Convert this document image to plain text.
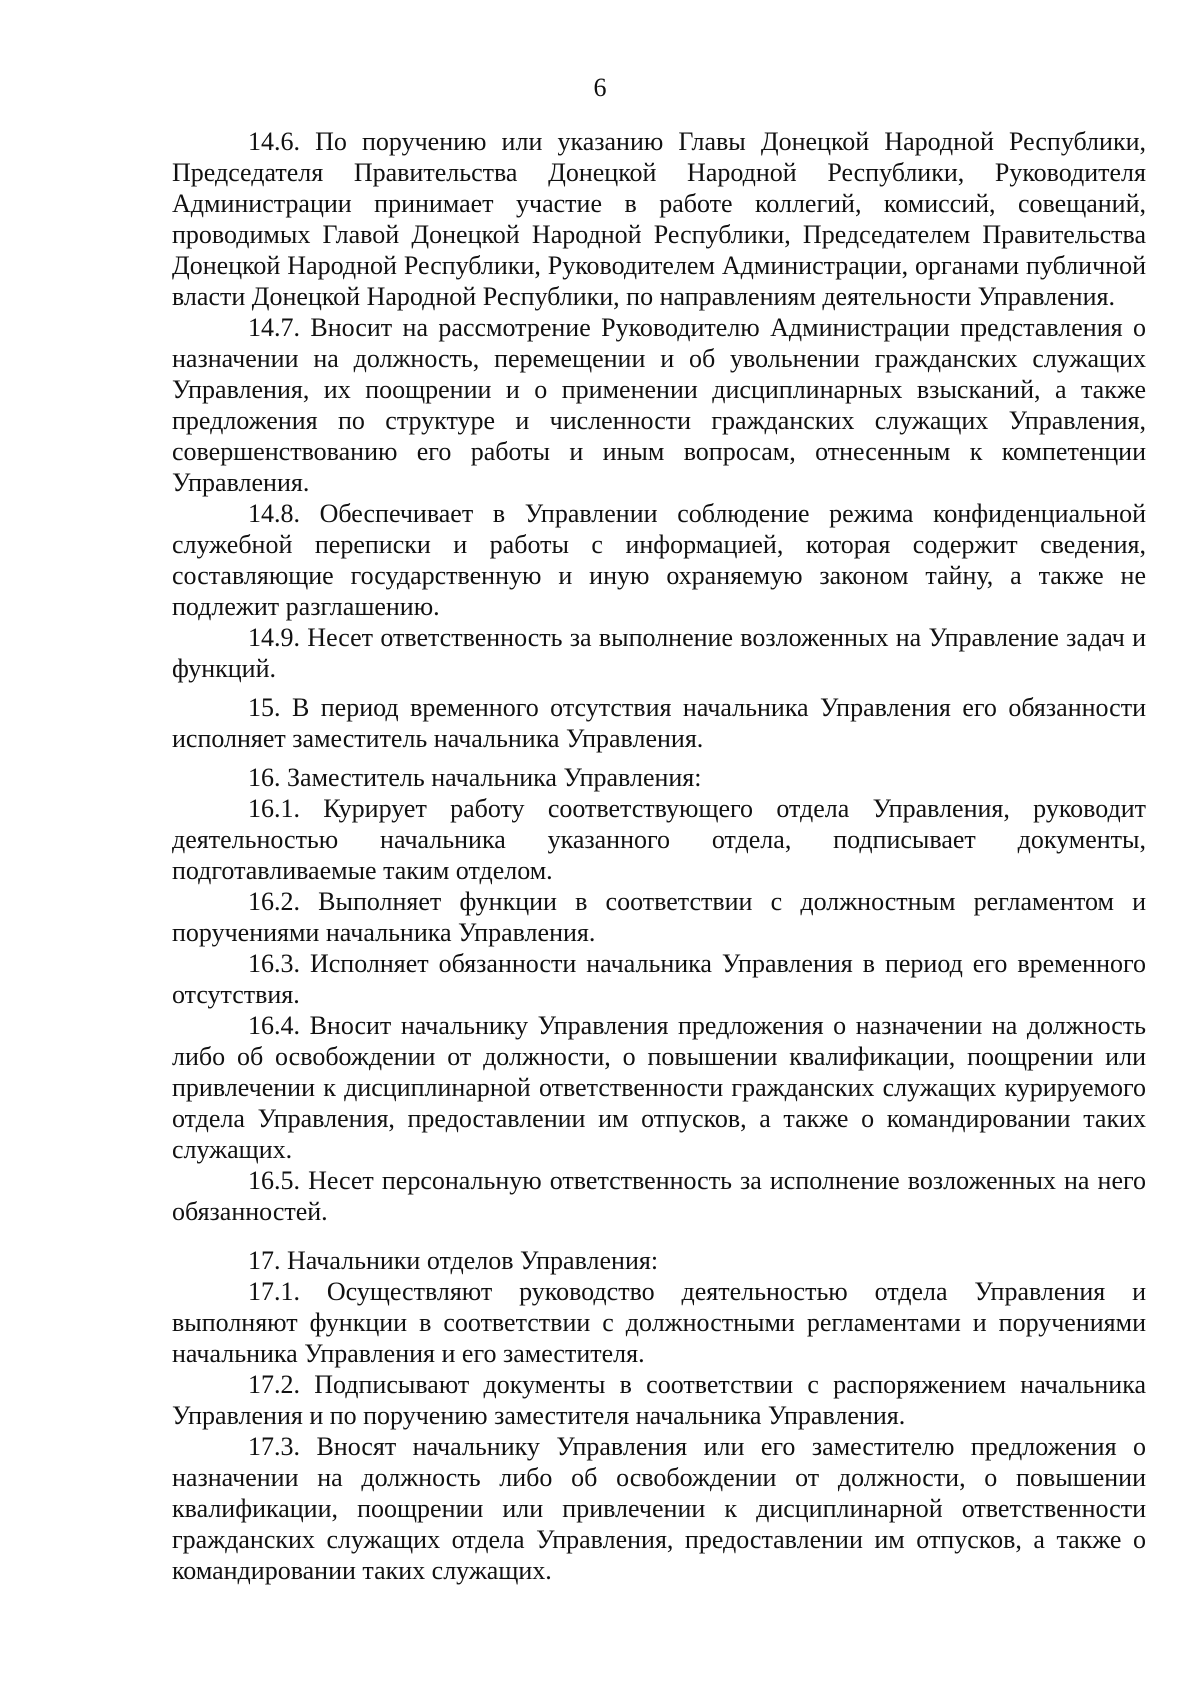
6

14.6. По поручению или указанию Главы Донецкой Народной Республики, Председателя Правительства Донецкой Народной Республики, Руководителя Администрации принимает участие в работе коллегий, комиссий, совещаний, проводимых Главой Донецкой Народной Республики, Председателем Правительства Донецкой Народной Республики, Руководителем Администрации, органами публичной власти Донецкой Народной Республики, по направлениям деятельности Управления.

14.7. Вносит на рассмотрение Руководителю Администрации представления о назначении на должность, перемещении и об увольнении гражданских служащих Управления, их поощрении и о применении дисциплинарных взысканий, а также предложения по структуре и численности гражданских служащих Управления, совершенствованию его работы и иным вопросам, отнесенным к компетенции Управления.

14.8. Обеспечивает в Управлении соблюдение режима конфиденциальной служебной переписки и работы с информацией, которая содержит сведения, составляющие государственную и иную охраняемую законом тайну, а также не подлежит разглашению.

14.9. Несет ответственность за выполнение возложенных на Управление задач и функций.

15. В период временного отсутствия начальника Управления его обязанности исполняет заместитель начальника Управления.

16. Заместитель начальника Управления:

16.1. Курирует работу соответствующего отдела Управления, руководит деятельностью начальника указанного отдела, подписывает документы, подготавливаемые таким отделом.

16.2. Выполняет функции в соответствии с должностным регламентом и поручениями начальника Управления.

16.3. Исполняет обязанности начальника Управления в период его временного отсутствия.

16.4. Вносит начальнику Управления предложения о назначении на должность либо об освобождении от должности, о повышении квалификации, поощрении или привлечении к дисциплинарной ответственности гражданских служащих курируемого отдела Управления, предоставлении им отпусков, а также о командировании таких служащих.

16.5. Несет персональную ответственность за исполнение возложенных на него обязанностей.

17. Начальники отделов Управления:

17.1. Осуществляют руководство деятельностью отдела Управления и выполняют функции в соответствии с должностными регламентами и поручениями начальника Управления и его заместителя.

17.2. Подписывают документы в соответствии с распоряжением начальника Управления и по поручению заместителя начальника Управления.

17.3. Вносят начальнику Управления или его заместителю предложения о назначении на должность либо об освобождении от должности, о повышении квалификации, поощрении или привлечении к дисциплинарной ответственности гражданских служащих отдела Управления, предоставлении им отпусков, а также о командировании таких служащих.
